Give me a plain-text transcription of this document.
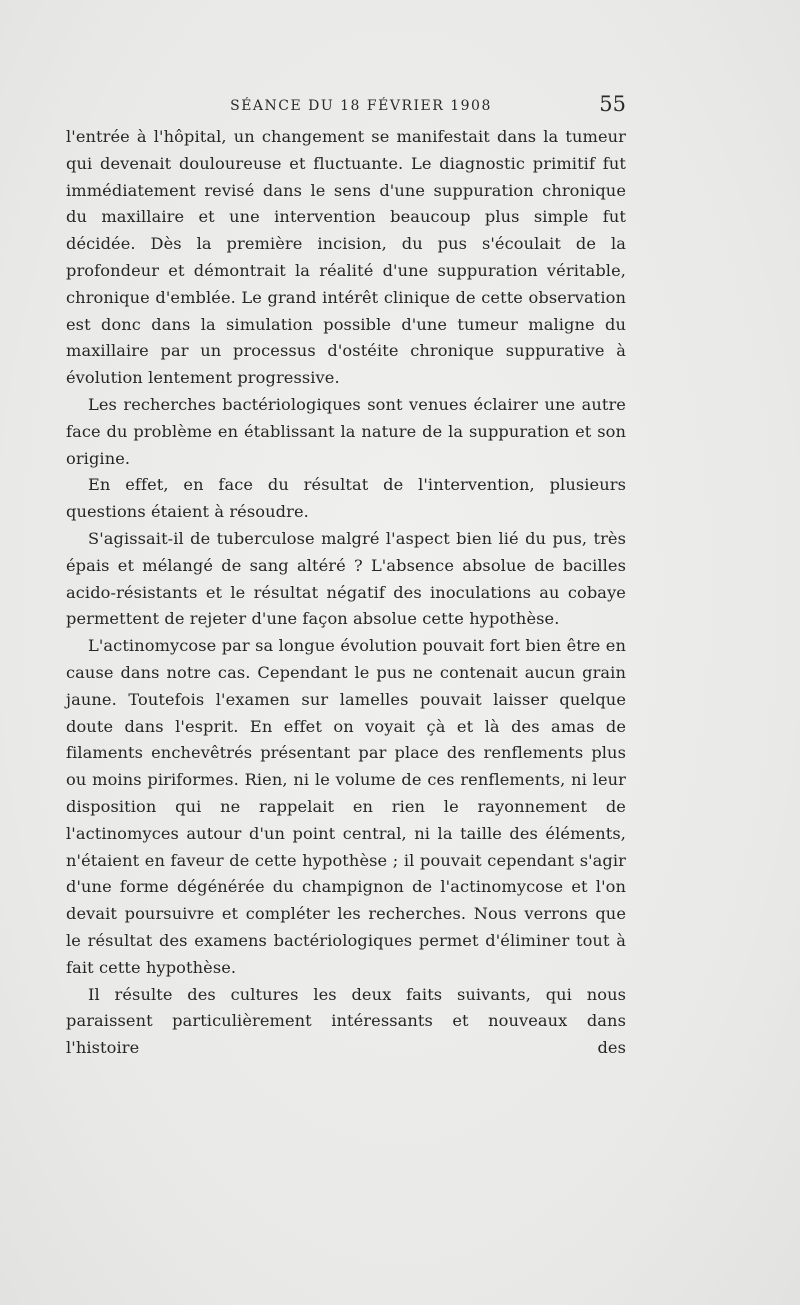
SÉANCE DU 18 FÉVRIER 1908	55

l'entrée à l'hôpital, un changement se manifestait dans la tumeur qui devenait douloureuse et fluctuante. Le diagnostic primitif fut immédiatement revisé dans le sens d'une suppuration chronique du maxillaire et une intervention beaucoup plus simple fut décidée. Dès la première incision, du pus s'écoulait de la profondeur et démontrait la réalité d'une suppuration véritable, chronique d'emblée. Le grand intérêt clinique de cette observation est donc dans la simulation possible d'une tumeur maligne du maxillaire par un processus d'ostéite chronique suppurative à évolution lentement progressive.

Les recherches bactériologiques sont venues éclairer une autre face du problème en établissant la nature de la suppuration et son origine.

En effet, en face du résultat de l'intervention, plusieurs questions étaient à résoudre.

S'agissait-il de tuberculose malgré l'aspect bien lié du pus, très épais et mélangé de sang altéré ? L'absence absolue de bacilles acido-résistants et le résultat négatif des inoculations au cobaye permettent de rejeter d'une façon absolue cette hypothèse.

L'actinomycose par sa longue évolution pouvait fort bien être en cause dans notre cas. Cependant le pus ne contenait aucun grain jaune. Toutefois l'examen sur lamelles pouvait laisser quelque doute dans l'esprit. En effet on voyait çà et là des amas de filaments enchevêtrés présentant par place des renflements plus ou moins piriformes. Rien, ni le volume de ces renflements, ni leur disposition qui ne rappelait en rien le rayonnement de l'actinomyces autour d'un point central, ni la taille des éléments, n'étaient en faveur de cette hypothèse ; il pouvait cependant s'agir d'une forme dégénérée du champignon de l'actinomycose et l'on devait poursuivre et compléter les recherches. Nous verrons que le résultat des examens bactériologiques permet d'éliminer tout à fait cette hypothèse.

Il résulte des cultures les deux faits suivants, qui nous paraissent particulièrement intéressants et nouveaux dans l'histoire des
